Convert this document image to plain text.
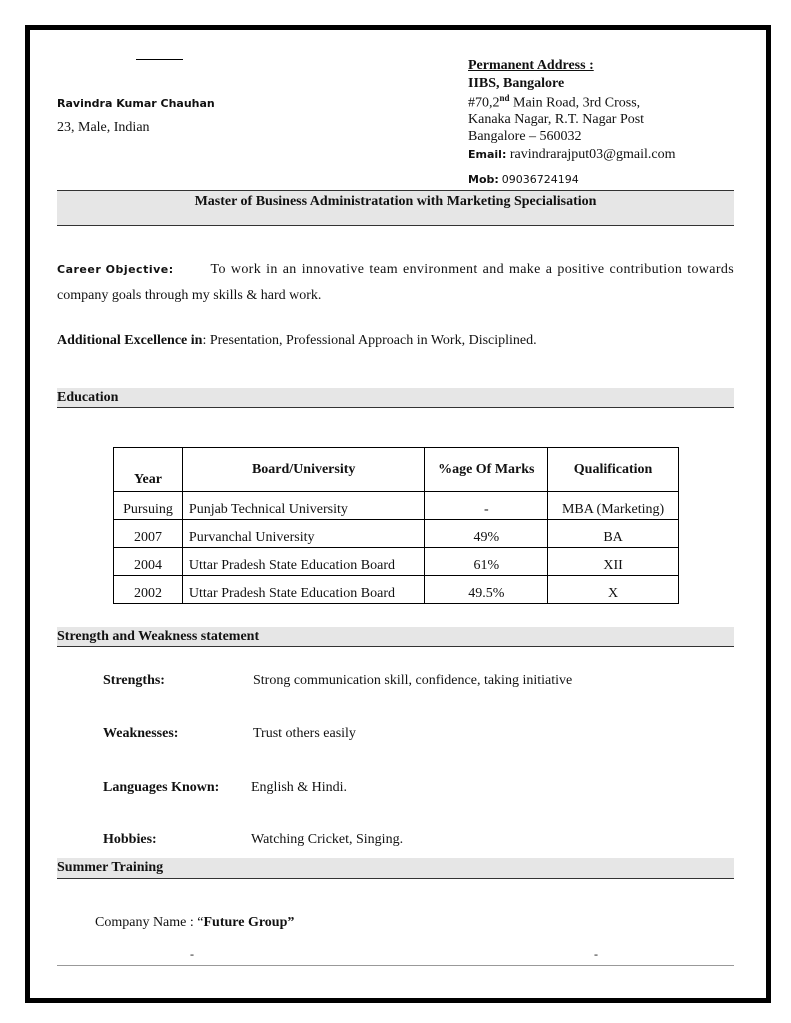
Ravindra Kumar Chauhan
23, Male, Indian
Permanent Address :
IIBS, Bangalore
#70,2nd Main Road, 3rd Cross,
Kanaka Nagar, R.T. Nagar Post
Bangalore – 560032
Email: ravindrarajput03@gmail.com
Mob: 09036724194
Master of Business Administratation with Marketing Specialisation
Career Objective:	To work in an innovative team environment and make a positive contribution towards
company goals through my skills & hard work.
Additional Excellence in: Presentation, Professional Approach in Work, Disciplined.
Education
Year	Board/University	%age Of Marks	Qualification
Pursuing	Punjab Technical University	-	MBA (Marketing)
2007	Purvanchal University	49%	BA
2004	Uttar Pradesh State Education Board	61%	XII
2002	Uttar Pradesh State Education Board	49.5%	X
Strength and Weakness statement
Strengths:	Strong communication skill, confidence, taking initiative
Weaknesses:	Trust others easily
Languages Known: English & Hindi.
Hobbies:	Watching Cricket, Singing.
Summer Training
Company Name : “Future Group”
-	-
